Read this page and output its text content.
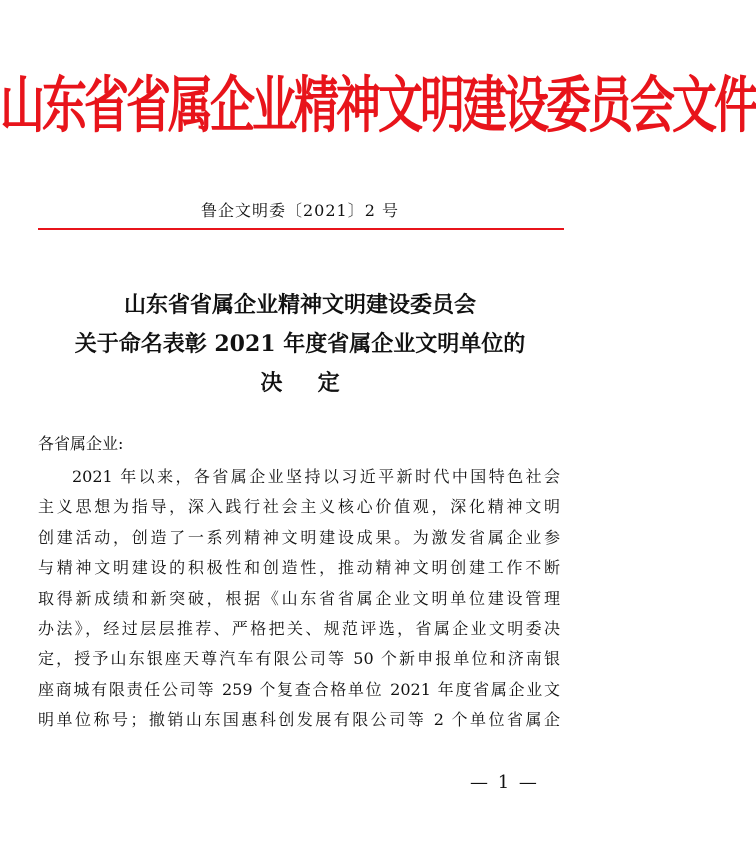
山东省省属企业精神文明建设委员会文件
鲁企文明委〔2021〕2 号
山东省省属企业精神文明建设委员会
关于命名表彰 2021 年度省属企业文明单位的
决定
各省属企业:
2021 年以来，各省属企业坚持以习近平新时代中国特色社会
主义思想为指导，深入践行社会主义核心价值观，深化精神文明
创建活动，创造了一系列精神文明建设成果。为激发省属企业参
与精神文明建设的积极性和创造性，推动精神文明创建工作不断
取得新成绩和新突破，根据《山东省省属企业文明单位建设管理
办法》，经过层层推荐、严格把关、规范评选，省属企业文明委决
定，授予山东银座天尊汽车有限公司等 50 个新申报单位和济南银
座商城有限责任公司等 259 个复查合格单位 2021 年度省属企业文
明单位称号；撤销山东国惠科创发展有限公司等 2 个单位省属企
— 1 —
